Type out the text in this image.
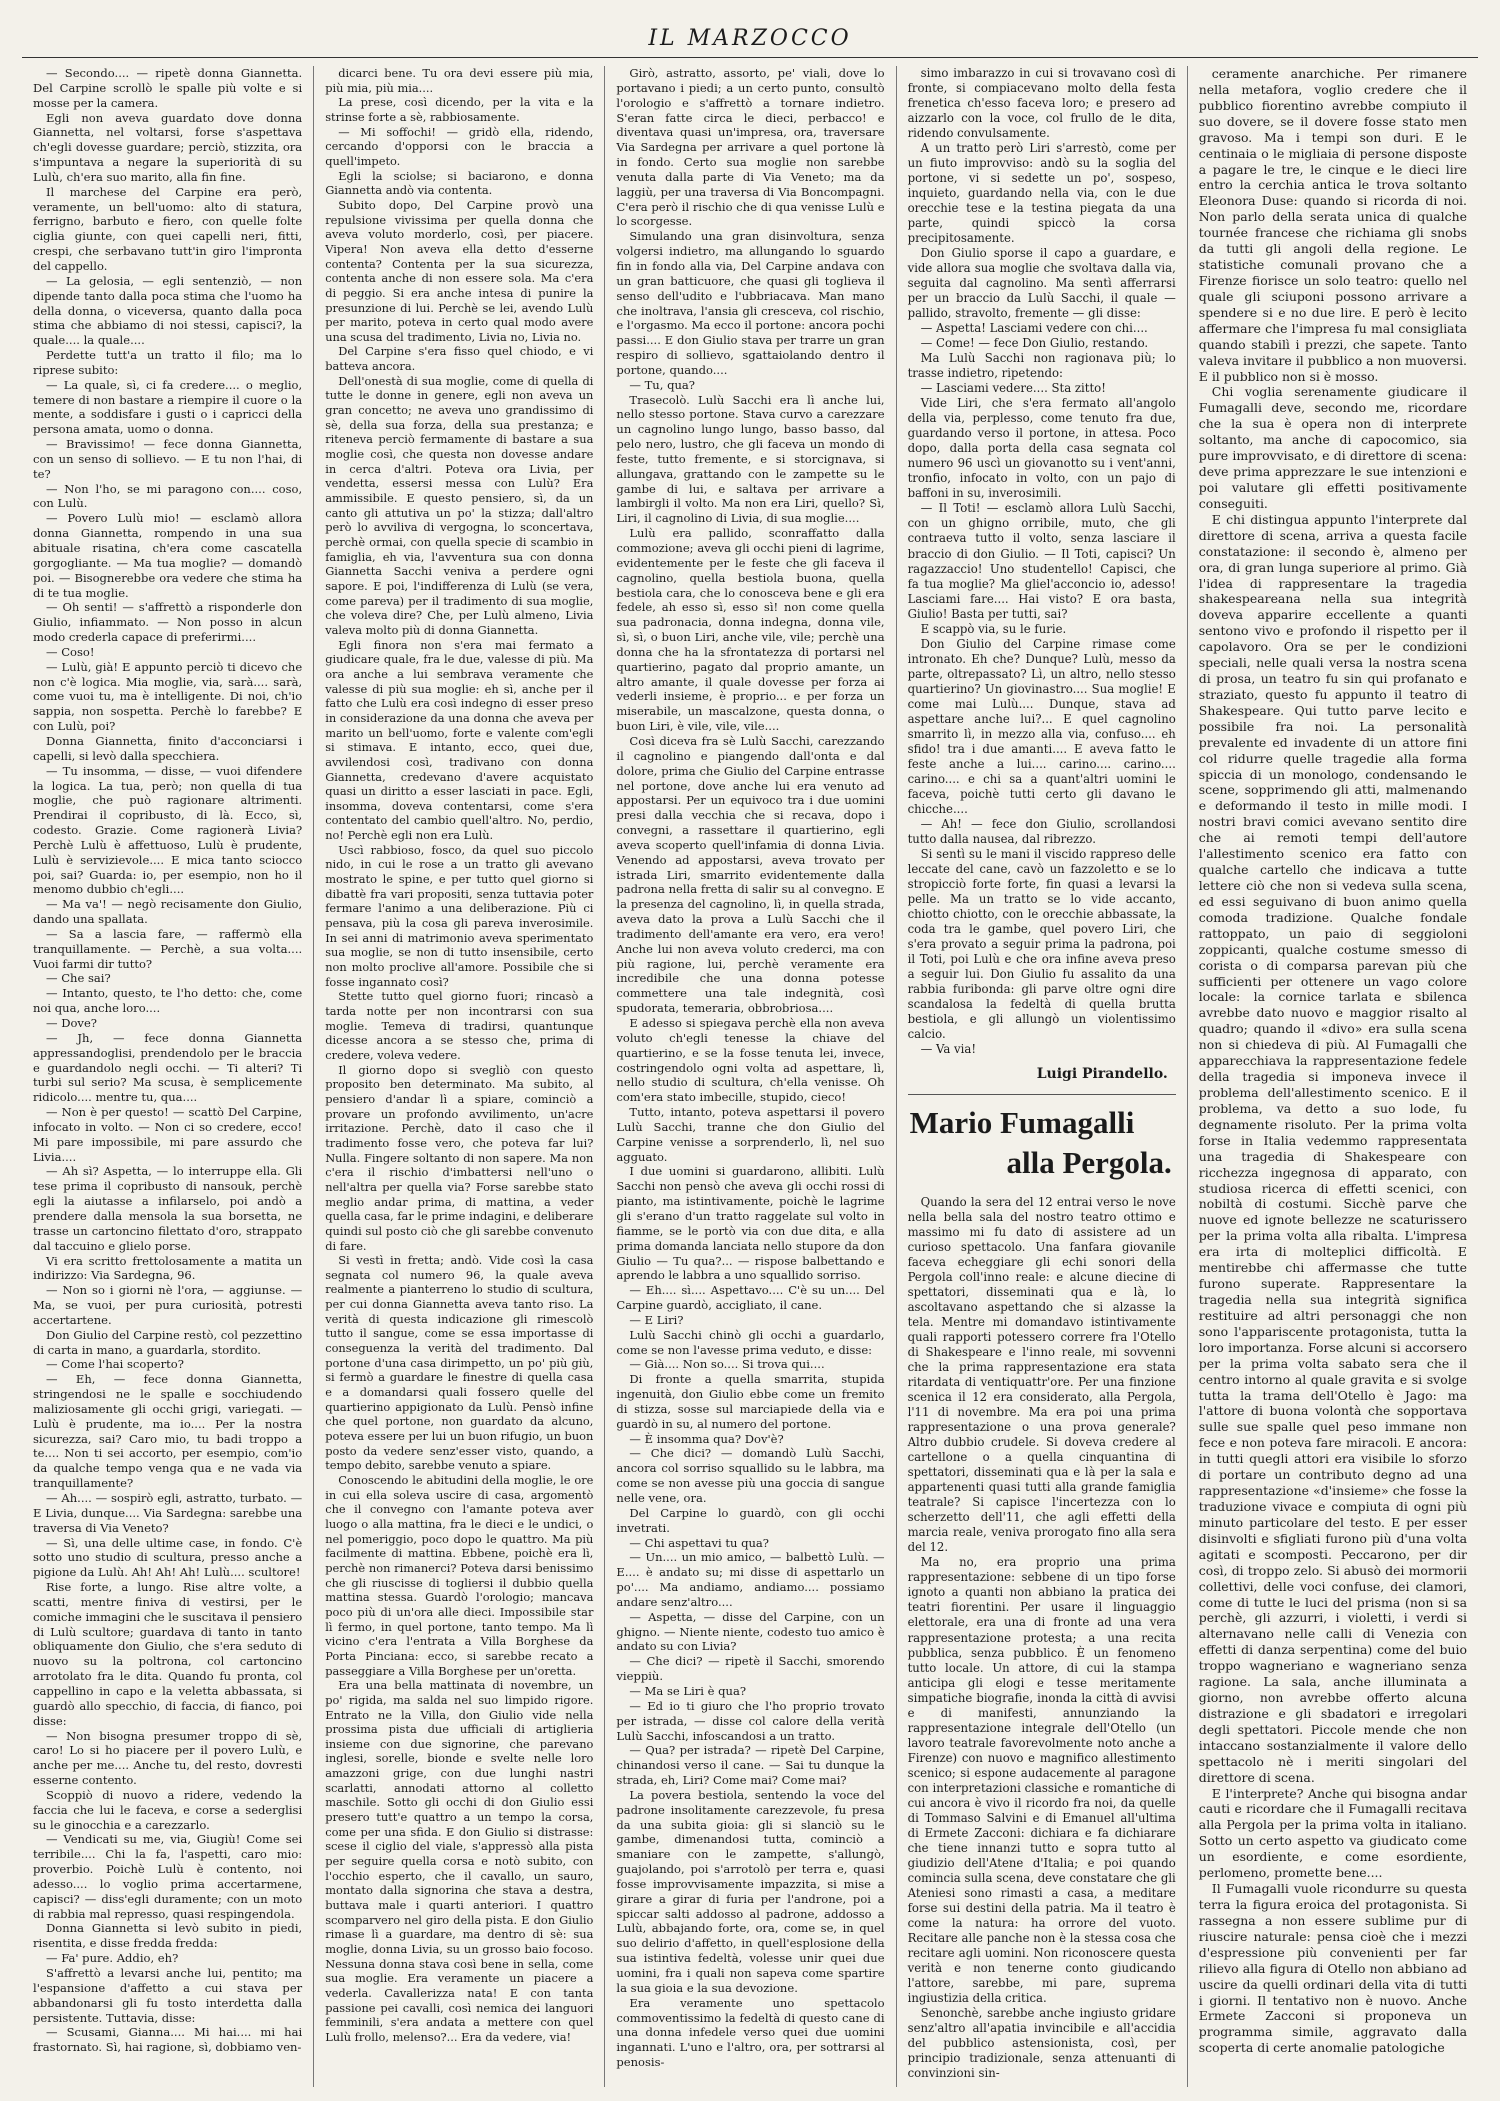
IL MARZOCCO

— Secondo.... — ripetè donna Giannetta. Del Carpine scrollò le spalle più volte e si mosse per la camera.

Egli non aveva guardato dove donna Giannetta, nel voltarsi, forse s'aspettava ch'egli dovesse guardare; perciò, stizzita, ora s'impuntava a negare la superiorità di su Lulù, ch'era suo marito, alla fin fine.

Il marchese del Carpine era però, veramente, un bell'uomo: alto di statura, ferrigno, barbuto e fiero, con quelle folte ciglia giunte, con quei capelli neri, fitti, crespi, che serbavano tutt'in giro l'impronta del cappello.

— La gelosia, — egli sentenziò, — non dipende tanto dalla poca stima che l'uomo ha della donna, o viceversa, quanto dalla poca stima che abbiamo di noi stessi, capisci?, la quale.... la quale....

Perdette tutt'a un tratto il filo; ma lo riprese subito:

— La quale, sì, ci fa credere.... o meglio, temere di non bastare a riempire il cuore o la mente, a soddisfare i gusti o i capricci della persona amata, uomo o donna.

— Bravissimo! — fece donna Giannetta, con un senso di sollievo. — E tu non l'hai, di te?

— Non l'ho, se mi paragono con.... coso, con Lulù.

— Povero Lulù mio! — esclamò allora donna Giannetta, rompendo in una sua abituale risatina, ch'era come cascatella gorgogliante. — Ma tua moglie? — domandò poi. — Bisognerebbe ora vedere che stima ha di te tua moglie.

— Oh senti! — s'affrettò a risponderle don Giulio, infiammato. — Non posso in alcun modo crederla capace di preferirmi....

— Coso!

— Lulù, già! E appunto perciò ti dicevo che non c'è logica. Mia moglie, via, sarà.... sarà, come vuoi tu, ma è intelligente. Di noi, ch'io sappia, non sospetta. Perchè lo farebbe? E con Lulù, poi?

Donna Giannetta, finito d'acconciarsi i capelli, si levò dalla specchiera.

— Tu insomma, — disse, — vuoi difendere la logica. La tua, però; non quella di tua moglie, che può ragionare altrimenti. Prendirai il copribusto, di là. Ecco, sì, codesto. Grazie. Come ragionerà Livia? Perchè Lulù è affettuoso, Lulù è prudente, Lulù è servizievole.... E mica tanto sciocco poi, sai? Guarda: io, per esempio, non ho il menomo dubbio ch'egli....

— Ma va'! — negò recisamente don Giulio, dando una spallata.

— Sa a lascia fare, — raffermò ella tranquillamente. — Perchè, a sua volta.... Vuoi farmi dir tutto?

— Che sai?

— Intanto, questo, te l'ho detto: che, come noi qua, anche loro....

— Dove?

— Jh, — fece donna Giannetta appressandoglisi, prendendolo per le braccia e guardandolo negli occhi. — Ti alteri? Ti turbi sul serio? Ma scusa, è semplicemente ridicolo.... mentre tu, qua....

— Non è per questo! — scattò Del Carpine, infocato in volto. — Non ci so credere, ecco! Mi pare impossibile, mi pare assurdo che Livia....

— Ah sì? Aspetta, — lo interruppe ella. Gli tese prima il copribusto di nansouk, perchè egli la aiutasse a infilarselo, poi andò a prendere dalla mensola la sua borsetta, ne trasse un cartoncino filettato d'oro, strappato dal taccuino e glielo porse.

Vi era scritto frettolosamente a matita un indirizzo: Via Sardegna, 96.

— Non so i giorni nè l'ora, — aggiunse. — Ma, se vuoi, per pura curiosità, potresti accertartene.

Don Giulio del Carpine restò, col pezzettino di carta in mano, a guardarla, stordito.

— Come l'hai scoperto?

— Eh, — fece donna Giannetta, stringendosi ne le spalle e socchiudendo maliziosamente gli occhi grigi, variegati. — Lulù è prudente, ma io.... Per la nostra sicurezza, sai? Caro mio, tu badi troppo a te.... Non ti sei accorto, per esempio, com'io da qualche tempo venga qua e ne vada via tranquillamente?

— Ah.... — sospirò egli, astratto, turbato. — E Livia, dunque.... Via Sardegna: sarebbe una traversa di Via Veneto?

— Sì, una delle ultime case, in fondo. C'è sotto uno studio di scultura, presso anche a pigione da Lulù. Ah! Ah! Ah! Lulù.... scultore!

Rise forte, a lungo. Rise altre volte, a scatti, mentre finiva di vestirsi, per le comiche immagini che le suscitava il pensiero di Lulù scultore; guardava di tanto in tanto obliquamente don Giulio, che s'era seduto di nuovo su la poltrona, col cartoncino arrotolato fra le dita. Quando fu pronta, col cappellino in capo e la veletta abbassata, si guardò allo specchio, di faccia, di fianco, poi disse:

— Non bisogna presumer troppo di sè, caro! Lo si ho piacere per il povero Lulù, e anche per me.... Anche tu, del resto, dovresti esserne contento.

Scoppiò di nuovo a ridere, vedendo la faccia che lui le faceva, e corse a sederglisi su le ginocchia e a carezzarlo.

— Vendicati su me, via, Giugiù! Come sei terribile.... Chi la fa, l'aspetti, caro mio: proverbio. Poichè Lulù è contento, noi adesso.... lo voglio prima accertarmene, capisci? — diss'egli duramente; con un moto di rabbia mal represso, quasi respingendola.

Donna Giannetta si levò subito in piedi, risentita, e disse fredda fredda:

— Fa' pure. Addio, eh?

S'affrettò a levarsi anche lui, pentito; ma l'espansione d'affetto a cui stava per abbandonarsi gli fu tosto interdetta dalla persistente. Tuttavia, disse:

— Scusami, Gianna.... Mi hai.... mi hai frastornato. Sì, hai ragione, sì, dobbiamo ven-

dicarci bene. Tu ora devi essere più mia, più mia, più mia....

La prese, così dicendo, per la vita e la strinse forte a sè, rabbiosamente.

— Mi soffochi! — gridò ella, ridendo, cercando d'opporsi con le braccia a quell'impeto.

Egli la sciolse; si baciarono, e donna Giannetta andò via contenta.

Subito dopo, Del Carpine provò una repulsione vivissima per quella donna che aveva voluto morderlo, così, per piacere. Vipera! Non aveva ella detto d'esserne contenta? Contenta per la sua sicurezza, contenta anche di non essere sola. Ma c'era di peggio. Si era anche intesa di punire la presunzione di lui. Perchè se lei, avendo Lulù per marito, poteva in certo qual modo avere una scusa del tradimento, Livia no, Livia no.

Del Carpine s'era fisso quel chiodo, e vi batteva ancora.

Dell'onestà di sua moglie, come di quella di tutte le donne in genere, egli non aveva un gran concetto; ne aveva uno grandissimo di sè, della sua forza, della sua prestanza; e riteneva perciò fermamente di bastare a sua moglie così, che questa non dovesse andare in cerca d'altri. Poteva ora Livia, per vendetta, essersi messa con Lulù? Era ammissibile. E questo pensiero, sì, da un canto gli attutiva un po' la stizza; dall'altro però lo avviliva di vergogna, lo sconcertava, perchè ormai, con quella specie di scambio in famiglia, eh via, l'avventura sua con donna Giannetta Sacchi veniva a perdere ogni sapore. E poi, l'indifferenza di Lulù (se vera, come pareva) per il tradimento di sua moglie, che voleva dire? Che, per Lulù almeno, Livia valeva molto più di donna Giannetta.

Egli finora non s'era mai fermato a giudicare quale, fra le due, valesse di più. Ma ora anche a lui sembrava veramente che valesse di più sua moglie: eh sì, anche per il fatto che Lulù era così indegno di esser preso in considerazione da una donna che aveva per marito un bell'uomo, forte e valente com'egli si stimava. E intanto, ecco, quei due, avvilendosi così, tradivano con donna Giannetta, credevano d'avere acquistato quasi un diritto a esser lasciati in pace. Egli, insomma, doveva contentarsi, come s'era contentato del cambio quell'altro. No, perdio, no! Perchè egli non era Lulù.

Uscì rabbioso, fosco, da quel suo piccolo nido, in cui le rose a un tratto gli avevano mostrato le spine, e per tutto quel giorno si dibattè fra vari propositi, senza tuttavia poter fermare l'animo a una deliberazione. Più ci pensava, più la cosa gli pareva inverosimile. In sei anni di matrimonio aveva sperimentato sua moglie, se non di tutto insensibile, certo non molto proclive all'amore. Possibile che si fosse ingannato così?

Stette tutto quel giorno fuori; rincasò a tarda notte per non incontrarsi con sua moglie. Temeva di tradirsi, quantunque dicesse ancora a se stesso che, prima di credere, voleva vedere.

Il giorno dopo si svegliò con questo proposito ben determinato. Ma subito, al pensiero d'andar lì a spiare, cominciò a provare un profondo avvilimento, un'acre irritazione. Perchè, dato il caso che il tradimento fosse vero, che poteva far lui? Nulla. Fingere soltanto di non sapere. Ma non c'era il rischio d'imbattersi nell'uno o nell'altra per quella via? Forse sarebbe stato meglio andar prima, di mattina, a veder quella casa, far le prime indagini, e deliberare quindi sul posto ciò che gli sarebbe convenuto di fare.

Si vestì in fretta; andò. Vide così la casa segnata col numero 96, la quale aveva realmente a pianterreno lo studio di scultura, per cui donna Giannetta aveva tanto riso. La verità di questa indicazione gli rimescolò tutto il sangue, come se essa importasse di conseguenza la verità del tradimento. Dal portone d'una casa dirimpetto, un po' più giù, si fermò a guardare le finestre di quella casa e a domandarsi quali fossero quelle del quartierino appigionato da Lulù. Pensò infine che quel portone, non guardato da alcuno, poteva essere per lui un buon rifugio, un buon posto da vedere senz'esser visto, quando, a tempo debito, sarebbe venuto a spiare.

Conoscendo le abitudini della moglie, le ore in cui ella soleva uscire di casa, argomentò che il convegno con l'amante poteva aver luogo o alla mattina, fra le dieci e le undici, o nel pomeriggio, poco dopo le quattro. Ma più facilmente di mattina. Ebbene, poichè era lì, perchè non rimanerci? Poteva darsi benissimo che gli riuscisse di togliersi il dubbio quella mattina stessa. Guardò l'orologio; mancava poco più di un'ora alle dieci. Impossibile star lì fermo, in quel portone, tanto tempo. Ma lì vicino c'era l'entrata a Villa Borghese da Porta Pinciana: ecco, si sarebbe recato a passeggiare a Villa Borghese per un'oretta.

Era una bella mattinata di novembre, un po' rigida, ma salda nel suo limpido rigore. Entrato ne la Villa, don Giulio vide nella prossima pista due ufficiali di artiglieria insieme con due signorine, che parevano inglesi, sorelle, bionde e svelte nelle loro amazzoni grige, con due lunghi nastri scarlatti, annodati attorno al colletto maschile. Sotto gli occhi di don Giulio essi presero tutt'e quattro a un tempo la corsa, come per una sfida. E don Giulio si distrasse: scese il ciglio del viale, s'appressò alla pista per seguire quella corsa e notò subito, con l'occhio esperto, che il cavallo, un sauro, montato dalla signorina che stava a destra, buttava male i quarti anteriori. I quattro scomparvero nel giro della pista. E don Giulio rimase lì a guardare, ma dentro di sè: sua moglie, donna Livia, su un grosso baio focoso. Nessuna donna stava così bene in sella, come sua moglie. Era veramente un piacere a vederla. Cavallerizza nata! E con tanta passione pei cavalli, così nemica dei languori femminili, s'era andata a mettere con quel Lulù frollo, melenso?... Era da vedere, via!

Girò, astratto, assorto, pe' viali, dove lo portavano i piedi; a un certo punto, consultò l'orologio e s'affrettò a tornare indietro. S'eran fatte circa le dieci, perbacco! e diventava quasi un'impresa, ora, traversare Via Sardegna per arrivare a quel portone là in fondo. Certo sua moglie non sarebbe venuta dalla parte di Via Veneto; ma da laggiù, per una traversa di Via Boncompagni. C'era però il rischio che di qua venisse Lulù e lo scorgesse.

Simulando una gran disinvoltura, senza volgersi indietro, ma allungando lo sguardo fin in fondo alla via, Del Carpine andava con un gran batticuore, che quasi gli toglieva il senso dell'udito e l'ubbriacava. Man mano che inoltrava, l'ansia gli cresceva, col rischio, e l'orgasmo. Ma ecco il portone: ancora pochi passi.... E don Giulio stava per trarre un gran respiro di sollievo, sgattaiolando dentro il portone, quando....

— Tu, qua?

Trasecolò. Lulù Sacchi era lì anche lui, nello stesso portone. Stava curvo a carezzare un cagnolino lungo lungo, basso basso, dal pelo nero, lustro, che gli faceva un mondo di feste, tutto fremente, e si storcignava, si allungava, grattando con le zampette su le gambe di lui, e saltava per arrivare a lambirgli il volto. Ma non era Liri, quello? Sì, Liri, il cagnolino di Livia, di sua moglie....

Lulù era pallido, sconraffatto dalla commozione; aveva gli occhi pieni di lagrime, evidentemente per le feste che gli faceva il cagnolino, quella bestiola buona, quella bestiola cara, che lo conosceva bene e gli era fedele, ah esso sì, esso sì! non come quella sua padronacia, donna indegna, donna vile, sì, sì, o buon Liri, anche vile, vile; perchè una donna che ha la sfrontatezza di portarsi nel quartierino, pagato dal proprio amante, un altro amante, il quale dovesse per forza ai vederli insieme, è proprio... e per forza un miserabile, un mascalzone, questa donna, o buon Liri, è vile, vile, vile....

Così diceva fra sè Lulù Sacchi, carezzando il cagnolino e piangendo dall'onta e dal dolore, prima che Giulio del Carpine entrasse nel portone, dove anche lui era venuto ad appostarsi. Per un equivoco tra i due uomini presi dalla vecchia che si recava, dopo i convegni, a rassettare il quartierino, egli aveva scoperto quell'infamia di donna Livia. Venendo ad appostarsi, aveva trovato per istrada Liri, smarrito evidentemente dalla padrona nella fretta di salir su al convegno. E la presenza del cagnolino, lì, in quella strada, aveva dato la prova a Lulù Sacchi che il tradimento dell'amante era vero, era vero! Anche lui non aveva voluto crederci, ma con più ragione, lui, perchè veramente era incredibile che una donna potesse commettere una tale indegnità, così spudorata, temeraria, obbrobriosa....

E adesso si spiegava perchè ella non aveva voluto ch'egli tenesse la chiave del quartierino, e se la fosse tenuta lei, invece, costringendolo ogni volta ad aspettare, lì, nello studio di scultura, ch'ella venisse. Oh com'era stato imbecille, stupido, cieco!

Tutto, intanto, poteva aspettarsi il povero Lulù Sacchi, tranne che don Giulio del Carpine venisse a sorprenderlo, lì, nel suo agguato.

I due uomini si guardarono, allibiti. Lulù Sacchi non pensò che aveva gli occhi rossi di pianto, ma istintivamente, poichè le lagrime gli s'erano d'un tratto raggelate sul volto in fiamme, se le portò via con due dita, e alla prima domanda lanciata nello stupore da don Giulio — Tu qua?... — rispose balbettando e aprendo le labbra a uno squallido sorriso.

— Eh.... sì.... Aspettavo.... C'è su un.... Del Carpine guardò, accigliato, il cane.

— E Liri?

Lulù Sacchi chinò gli occhi a guardarlo, come se non l'avesse prima veduto, e disse:

— Già.... Non so.... Si trova qui....

Di fronte a quella smarrita, stupida ingenuità, don Giulio ebbe come un fremito di stizza, sosse sul marciapiede della via e guardò in su, al numero del portone.

— È insomma qua? Dov'è?

— Che dici? — domandò Lulù Sacchi, ancora col sorriso squallido su le labbra, ma come se non avesse più una goccia di sangue nelle vene, ora.

Del Carpine lo guardò, con gli occhi invetrati.

— Chi aspettavi tu qua?

— Un.... un mio amico, — balbettò Lulù. — E.... è andato su; mi disse di aspettarlo un po'.... Ma andiamo, andiamo.... possiamo andare senz'altro....

— Aspetta, — disse del Carpine, con un ghigno. — Niente niente, codesto tuo amico è andato su con Livia?

— Che dici? — ripetè il Sacchi, smorendo vieppiù.

— Ma se Liri è qua?

— Ed io ti giuro che l'ho proprio trovato per istrada, — disse col calore della verità Lulù Sacchi, infoscandosi a un tratto.

— Qua? per istrada? — ripetè Del Carpine, chinandosi verso il cane. — Sai tu dunque la strada, eh, Liri? Come mai? Come mai?

La povera bestiola, sentendo la voce del padrone insolitamente carezzevole, fu presa da una subita gioia: gli si slanciò su le gambe, dimenandosi tutta, cominciò a smaniare con le zampette, s'allungò, guajolando, poi s'arrotolò per terra e, quasi fosse improvvisamente impazzita, si mise a girare a girar di furia per l'androne, poi a spiccar salti addosso al padrone, addosso a Lulù, abbajando forte, ora, come se, in quel suo delirio d'affetto, in quell'esplosione della sua istintiva fedeltà, volesse unir quei due uomini, fra i quali non sapeva come spartire la sua gioia e la sua devozione.

Era veramente uno spettacolo commoventissimo la fedeltà di questo cane di una donna infedele verso quei due uomini ingannati. L'uno e l'altro, ora, per sottrarsi al penosis-

simo imbarazzo in cui si trovavano così di fronte, si compiacevano molto della festa frenetica ch'esso faceva loro; e presero ad aizzarlo con la voce, col frullo de le dita, ridendo convulsamente.

A un tratto però Liri s'arrestò, come per un fiuto improvviso: andò su la soglia del portone, vi si sedette un po', sospeso, inquieto, guardando nella via, con le due orecchie tese e la testina piegata da una parte, quindi spiccò la corsa precipitosamente.

Don Giulio sporse il capo a guardare, e vide allora sua moglie che svoltava dalla via, seguita dal cagnolino. Ma sentì afferrarsi per un braccio da Lulù Sacchi, il quale — pallido, stravolto, fremente — gli disse:

— Aspetta! Lasciami vedere con chi....

— Come! — fece Don Giulio, restando.

Ma Lulù Sacchi non ragionava più; lo trasse indietro, ripetendo:

— Lasciami vedere.... Sta zitto!

Vide Liri, che s'era fermato all'angolo della via, perplesso, come tenuto fra due, guardando verso il portone, in attesa. Poco dopo, dalla porta della casa segnata col numero 96 uscì un giovanotto su i vent'anni, tronfio, infocato in volto, con un pajo di baffoni in su, inverosimili.

— Il Toti! — esclamò allora Lulù Sacchi, con un ghigno orribile, muto, che gli contraeva tutto il volto, senza lasciare il braccio di don Giulio. — Il Toti, capisci? Un ragazzaccio! Uno studentello! Capisci, che fa tua moglie? Ma gliel'acconcio io, adesso! Lasciami fare.... Hai visto? E ora basta, Giulio! Basta per tutti, sai?

E scappò via, su le furie.

Don Giulio del Carpine rimase come intronato. Eh che? Dunque? Lulù, messo da parte, oltrepassato? Lì, un altro, nello stesso quartierino? Un giovinastro.... Sua moglie! E come mai Lulù.... Dunque, stava ad aspettare anche lui?... E quel cagnolino smarrito lì, in mezzo alla via, confuso.... eh sfido! tra i due amanti.... E aveva fatto le feste anche a lui.... carino.... carino.... carino.... e chi sa a quant'altri uomini le faceva, poichè tutti certo gli davano le chicche....

— Ah! — fece don Giulio, scrollandosi tutto dalla nausea, dal ribrezzo.

Si sentì su le mani il viscido rappreso delle leccate del cane, cavò un fazzoletto e se lo stropicciò forte forte, fin quasi a levarsi la pelle. Ma un tratto se lo vide accanto, chiotto chiotto, con le orecchie abbassate, la coda tra le gambe, quel povero Liri, che s'era provato a seguir prima la padrona, poi il Toti, poi Lulù e che ora infine aveva preso a seguir lui. Don Giulio fu assalito da una rabbia furibonda: gli parve oltre ogni dire scandalosa la fedeltà di quella brutta bestiola, e gli allungò un violentissimo calcio.

— Va via!

Luigi Pirandello.

Mario Fumagalli
alla Pergola.

Quando la sera del 12 entrai verso le nove nella bella sala del nostro teatro ottimo e massimo mi fu dato di assistere ad un curioso spettacolo. Una fanfara giovanile faceva echeggiare gli echi sonori della Pergola coll'inno reale: e alcune diecine di spettatori, disseminati qua e là, lo ascoltavano aspettando che si alzasse la tela. Mentre mi domandavo istintivamente quali rapporti potessero correre fra l'Otello di Shakespeare e l'inno reale, mi sovvenni che la prima rappresentazione era stata ritardata di ventiquattr'ore. Per una finzione scenica il 12 era considerato, alla Pergola, l'11 di novembre. Ma era poi una prima rappresentazione o una prova generale? Altro dubbio crudele. Si doveva credere al cartellone o a quella cinquantina di spettatori, disseminati qua e là per la sala e appartenenti quasi tutti alla grande famiglia teatrale? Si capisce l'incertezza con lo scherzetto dell'11, che agli effetti della marcia reale, veniva prorogato fino alla sera del 12.

Ma no, era proprio una prima rappresentazione: sebbene di un tipo forse ignoto a quanti non abbiano la pratica dei teatri fiorentini. Per usare il linguaggio elettorale, era una di fronte ad una vera rappresentazione protesta; a una recita pubblica, senza pubblico. È un fenomeno tutto locale. Un attore, di cui la stampa anticipa gli elogi e tesse meritamente simpatiche biografie, inonda la città di avvisi e di manifesti, annunziando la rappresentazione integrale dell'Otello (un lavoro teatrale favorevolmente noto anche a Firenze) con nuovo e magnifico allestimento scenico; si espone audacemente al paragone con interpretazioni classiche e romantiche di cui ancora è vivo il ricordo fra noi, da quelle di Tommaso Salvini e di Emanuel all'ultima di Ermete Zacconi: dichiara e fa dichiarare che tiene innanzi tutto e sopra tutto al giudizio dell'Atene d'Italia; e poi quando comincia sulla scena, deve constatare che gli Ateniesi sono rimasti a casa, a meditare forse sui destini della patria. Ma il teatro è come la natura: ha orrore del vuoto. Recitare alle panche non è la stessa cosa che recitare agli uomini. Non riconoscere questa verità e non tenerne conto giudicando l'attore, sarebbe, mi pare, suprema ingiustizia della critica.

Senonchè, sarebbe anche ingiusto gridare senz'altro all'apatia invincibile e all'accidia del pubblico astensionista, così, per principio tradizionale, senza attenuanti di convinzioni sin-

ceramente anarchiche. Per rimanere nella metafora, voglio credere che il pubblico fiorentino avrebbe compiuto il suo dovere, se il dovere fosse stato men gravoso. Ma i tempi son duri. E le centinaia o le migliaia di persone disposte a pagare le tre, le cinque e le dieci lire entro la cerchia antica le trova soltanto Eleonora Duse: quando si ricorda di noi. Non parlo della serata unica di qualche tournée francese che richiama gli snobs da tutti gli angoli della regione. Le statistiche comunali provano che a Firenze fioriscе un solo teatro: quello nel quale gli sciuponi possono arrivare a spendere si e no due lire. E però è lecito affermare che l'impresa fu mal consigliata quando stabilì i prezzi, che sapete. Tanto valeva invitare il pubblico a non muoversi. E il pubblico non si è mosso.

Chi voglia serenamente giudicare il Fumagalli deve, secondo me, ricordare che la sua è opera non di interprete soltanto, ma anche di capocomico, sia pure improvvisato, e di direttore di scena: deve prima apprezzare le sue intenzioni e poi valutare gli effetti positivamente conseguiti.

E chi distingua appunto l'interprete dal direttore di scena, arriva a questa facile constatazione: il secondo è, almeno per ora, di gran lunga superiore al primo. Già l'idea di rappresentare la tragedia shakespeareana nella sua integrità doveva apparire eccellente a quanti sentono vivo e profondo il rispetto per il capolavoro. Ora se per le condizioni speciali, nelle quali versa la nostra scena di prosa, un teatro fu sin qui profanato e straziato, questo fu appunto il teatro di Shakespeare. Qui tutto parve lecito e possibile fra noi. La personalità prevalente ed invadente di un attore fini col ridurre quelle tragedie alla forma spiccia di un monologo, condensando le scene, sopprimendo gli atti, malmenando e deformando il testo in mille modi. I nostri bravi comici avevano sentito dire che ai remoti tempi dell'autore l'allestimento scenico era fatto con qualche cartello che indicava a tutte lettere ciò che non si vedeva sulla scena, ed essi seguivano di buon animo quella comoda tradizione. Qualche fondale rattoppato, un paio di seggioloni zoppicanti, qualche costume smesso di corista o di comparsa parevan più che sufficienti per ottenere un vago colore locale: la cornice tarlata e sbilenca avrebbe dato nuovo e maggior risalto al quadro; quando il «divo» era sulla scena non si chiedeva di più. Al Fumagalli che apparecchiava la rappresentazione fedele della tragedia si imponeva invece il problema dell'allestimento scenico. E il problema, va detto a suo lode, fu degnamente risoluto. Per la prima volta forse in Italia vedemmo rappresentata una tragedia di Shakespeare con ricchezza ingegnosa di apparato, con studiosa ricerca di effetti scenici, con nobiltà di costumi. Sicchè parve che nuove ed ignote bellezze ne scaturissero per la prima volta alla ribalta. L'impresa era irta di molteplici difficoltà. E mentirebbe chi affermasse che tutte furono superate. Rappresentare la tragedia nella sua integrità significa restituire ad altri personaggi che non sono l'appariscente protagonista, tutta la loro importanza. Forse alcuni si accorsero per la prima volta sabato sera che il centro intorno al quale gravita e si svolge tutta la trama dell'Otello è Jago: ma l'attore di buona volontà che sopportava sulle sue spalle quel peso immane non fece e non poteva fare miracoli. E ancora: in tutti quegli attori era visibile lo sforzo di portare un contributo degno ad una rappresentazione «d'insieme» che fosse la traduzione vivace e compiuta di ogni più minuto particolare del testo. E per esser disinvolti e sfigliati furono più d'una volta agitati e scomposti. Peccarono, per dir così, di troppo zelo. Si abusò dei mormorii collettivi, delle voci confuse, dei clamori, come di tutte le luci del prisma (non si sa perchè, gli azzurri, i violetti, i verdi si alternavano nelle calli di Venezia con effetti di danza serpentina) come del buio troppo wagneriano e wagneriano senza ragione. La sala, anche illuminata a giorno, non avrebbe offerto alcuna distrazione e gli sbadatori e irregolari degli spettatori. Piccole mende che non intaccano sostanzialmente il valore dello spettacolo nè i meriti singolari del direttore di scena.

E l'interprete? Anche qui bisogna andar cauti e ricordare che il Fumagalli recitava alla Pergola per la prima volta in italiano. Sotto un certo aspetto va giudicato come un esordiente, e come esordiente, perlomeno, promette bene....

Il Fumagalli vuole ricondurre su questa terra la figura eroica del protagonista. Si rassegna a non essere sublime pur di riuscire naturale: pensa cioè che i mezzi d'espressione più convenienti per far rilievo alla figura di Otello non abbiano ad uscire da quelli ordinari della vita di tutti i giorni. Il tentativo non è nuovo. Anche Ermete Zacconi si proponeva un programma simile, aggravato dalla scoperta di certe anomalie patologiche
